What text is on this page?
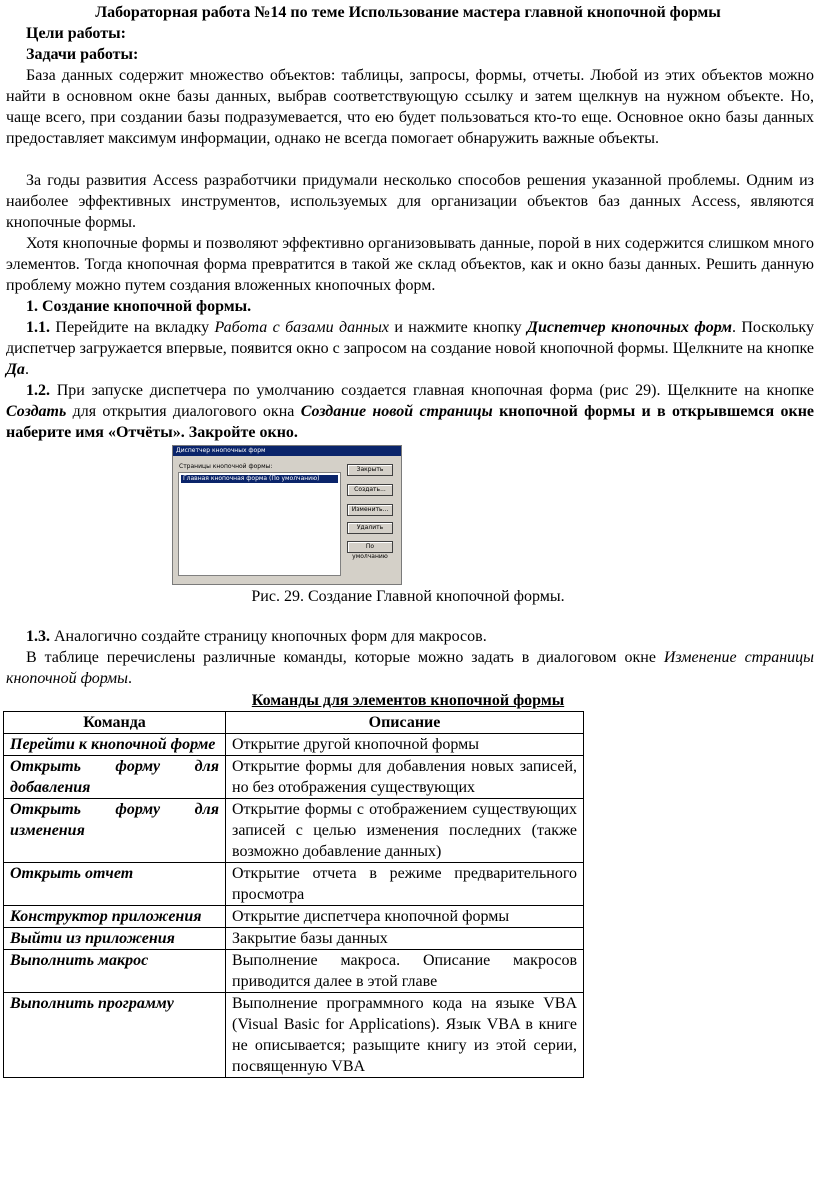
Лабораторная работа №14 по теме Использование мастера главной кнопочной формы
Цели работы:
Задачи работы:

База данных содержит множество объектов: таблицы, запросы, формы, отчеты. Любой из этих объектов можно найти в основном окне базы данных, выбрав соответствующую ссылку и затем щелкнув на нужном объекте. Но, чаще всего, при создании базы подразумевается, что ею будет пользоваться кто-то еще. Основное окно базы данных предоставляет максимум информации, однако не всегда помогает обнаружить важные объекты.

За годы развития Access разработчики придумали несколько способов решения указанной проблемы. Одним из наиболее эффективных инструментов, используемых для организации объектов баз данных Access, являются кнопочные формы.

Хотя кнопочные формы и позволяют эффективно организовывать данные, порой в них содержится слишком много элементов. Тогда кнопочная форма превратится в такой же склад объектов, как и окно базы данных. Решить данную проблему можно путем создания вложенных кнопочных форм.

1. Создание кнопочной формы.

1.1. Перейдите на вкладку Работа с базами данных и нажмите кнопку Диспетчер кнопочных форм. Поскольку диспетчер загружается впервые, появится окно с запросом на создание новой кнопочной формы. Щелкните на кнопке Да.

1.2. При запуске диспетчера по умолчанию создается главная кнопочная форма (рис 29). Щелкните на кнопке Создать для открытия диалогового окна Создание новой страницы кнопочной формы и в открывшемся окне наберите имя «Отчёты». Закройте окно.

Диспетчер кнопочных форм
Страницы кнопочной формы:
Главная кнопочная форма (По умолчанию)
Закрыть
Создать...
Изменить...
Удалить
По умолчанию
Рис. 29. Создание Главной кнопочной формы.

1.3. Аналогично создайте страницу кнопочных форм для макросов.

В таблице перечислены различные команды, которые можно задать в диалоговом окне Изменение страницы кнопочной формы.

Команды для элементов кнопочной формы
Команда	Описание
Перейти к кнопочной форме	Открытие другой кнопочной формы
Открыть форму для добавления	Открытие формы для добавления новых записей, но без отображения существующих
Открыть форму для изменения	Открытие формы с отображением существующих записей с целью изменения последних (также возможно добавление данных)
Открыть отчет	Открытие отчета в режиме предварительного просмотра
Конструктор приложения	Открытие диспетчера кнопочной формы
Выйти из приложения	Закрытие базы данных
Выполнить макрос	Выполнение макроса. Описание макросов приводится далее в этой главе
Выполнить программу	Выполнение программного кода на языке VBA (Visual Basic for Applications). Язык VBA в книге не описывается; разыщите книгу из этой серии, посвященную VBA
